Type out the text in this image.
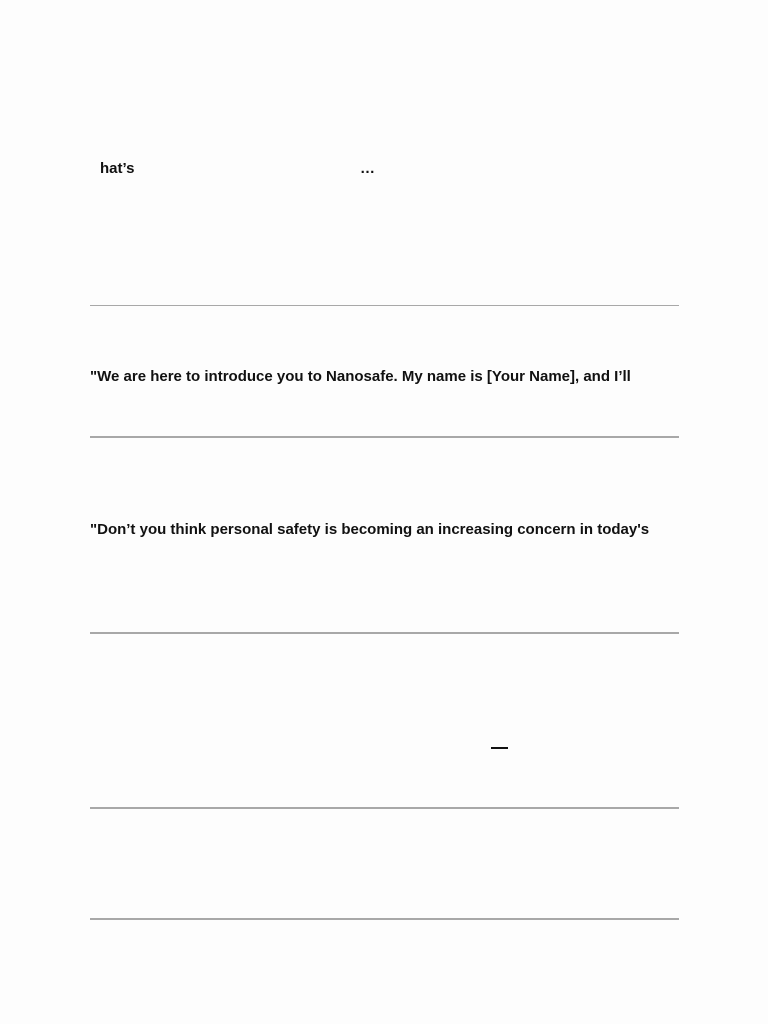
hat’s	…
"We are here to introduce you to Nanosafe. My name is [Your Name], and I’ll
"Don’t you think personal safety is becoming an increasing concern in today's
